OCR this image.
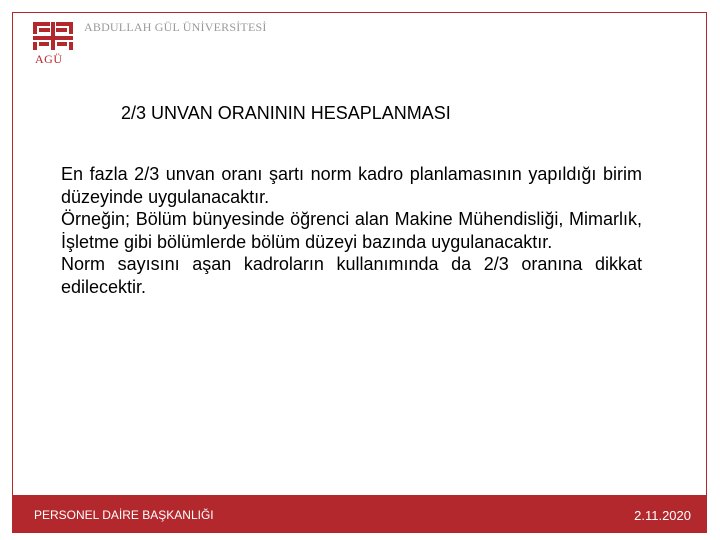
AGÜ
ABDULLAH GÜL ÜNİVERSİTESİ
2/3 UNVAN ORANININ HESAPLANMASI

En fazla 2/3 unvan oranı şartı norm kadro planlamasının yapıldığı birim düzeyinde uygulanacaktır.

Örneğin; Bölüm bünyesinde öğrenci alan Makine Mühendisliği, Mimarlık, İşletme gibi bölümlerde bölüm düzeyi bazında uygulanacaktır.

Norm sayısını aşan kadroların kullanımında da 2/3 oranına dikkat edilecektir.

PERSONEL DAİRE BAŞKANLIĞI	2.11.2020
